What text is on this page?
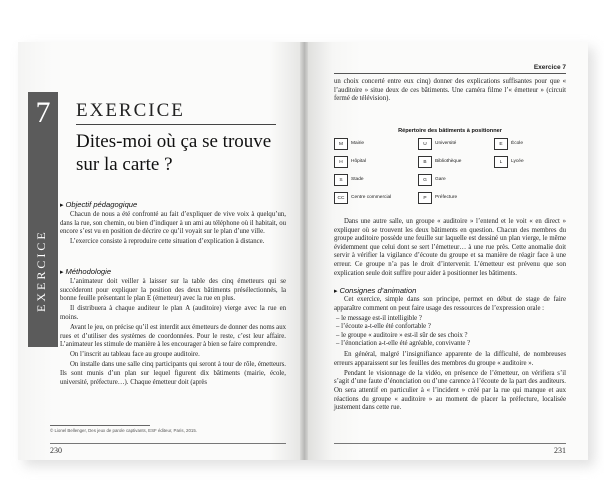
7
EXERCICE
EXERCICE
Dites-moi où ça se trouve sur la carte ?
▸ Objectif pédagogique

Chacun de nous a été confronté au fait d’expliquer de vive voix à quelqu’un, dans la rue, son chemin, ou bien d’indiquer à un ami au téléphone où il habitait, ou encore s’est vu en position de décrire ce qu’il voyait sur le plan d’une ville.

L’exercice consiste à reproduire cette situation d’explication à distance.

▸ Méthodologie

L’animateur doit veiller à laisser sur la table des cinq émetteurs qui se succéderont pour expliquer la position des deux bâtiments présélectionnés, la bonne feuille présentant le plan E (émetteur) avec la rue en plus.

Il distribuera à chaque auditeur le plan A (auditoire) vierge avec la rue en moins.

Avant le jeu, on précise qu’il est interdit aux émetteurs de donner des noms aux rues et d’utiliser des systèmes de coordonnées. Pour le reste, c’est leur affaire. L’animateur les stimule de manière à les encourager à bien se faire comprendre.

On l’inscrit au tableau face au groupe auditoire.

On installe dans une salle cinq participants qui seront à tour de rôle, émetteurs. Ils sont munis d’un plan sur lequel figurent dix bâtiments (mairie, école, université, préfecture…). Chaque émetteur doit (après

© Lionel Bellenger, Des jeux de parole captivants, ESF éditeur, Paris, 2015.
230
Exercice 7

un choix concerté entre eux cinq) donner des explications suffisantes pour que « l’auditoire » situe deux de ces bâtiments. Une caméra filme l’« émetteur » (circuit fermé de télévision).

Répertoire des bâtiments à positionner
M	Mairie	U	Université	E	École
H	Hôpital	B	Bibliothèque	L	Lycée
S	Stade	G	Gare
CC	Centre commercial	P	Préfecture

Dans une autre salle, un groupe « auditoire » l’entend et le voit « en direct » expliquer où se trouvent les deux bâtiments en question. Chacun des membres du groupe auditoire possède une feuille sur laquelle est dessiné un plan vierge, le même évidemment que celui dont se sert l’émetteur… à une rue près. Cette anomalie doit servir à vérifier la vigilance d’écoute du groupe et sa manière de réagir face à une erreur. Ce groupe n’a pas le droit d’intervenir. L’émetteur est prévenu que son explication seule doit suffire pour aider à positionner les bâtiments.

▸ Consignes d’animation

Cet exercice, simple dans son principe, permet en début de stage de faire apparaître comment on peut faire usage des ressources de l’expression orale :

– le message est-il intelligible ?
– l’écoute a-t-elle été confortable ?
– le groupe « auditoire » est-il sûr de ses choix ?
– l’énonciation a-t-elle été agréable, convivante ?

En général, malgré l’insignifiance apparente de la difficulté, de nombreuses erreurs apparaissent sur les feuilles des membres du groupe « auditoire ».

Pendant le visionnage de la vidéo, en présence de l’émetteur, on vérifiera s’il s’agit d’une faute d’énonciation ou d’une carence à l’écoute de la part des auditeurs. On sera attentif en particulier à « l’incident » créé par la rue qui manque et aux réactions du groupe « auditoire » au moment de placer la préfecture, localisée justement dans cette rue.

231
